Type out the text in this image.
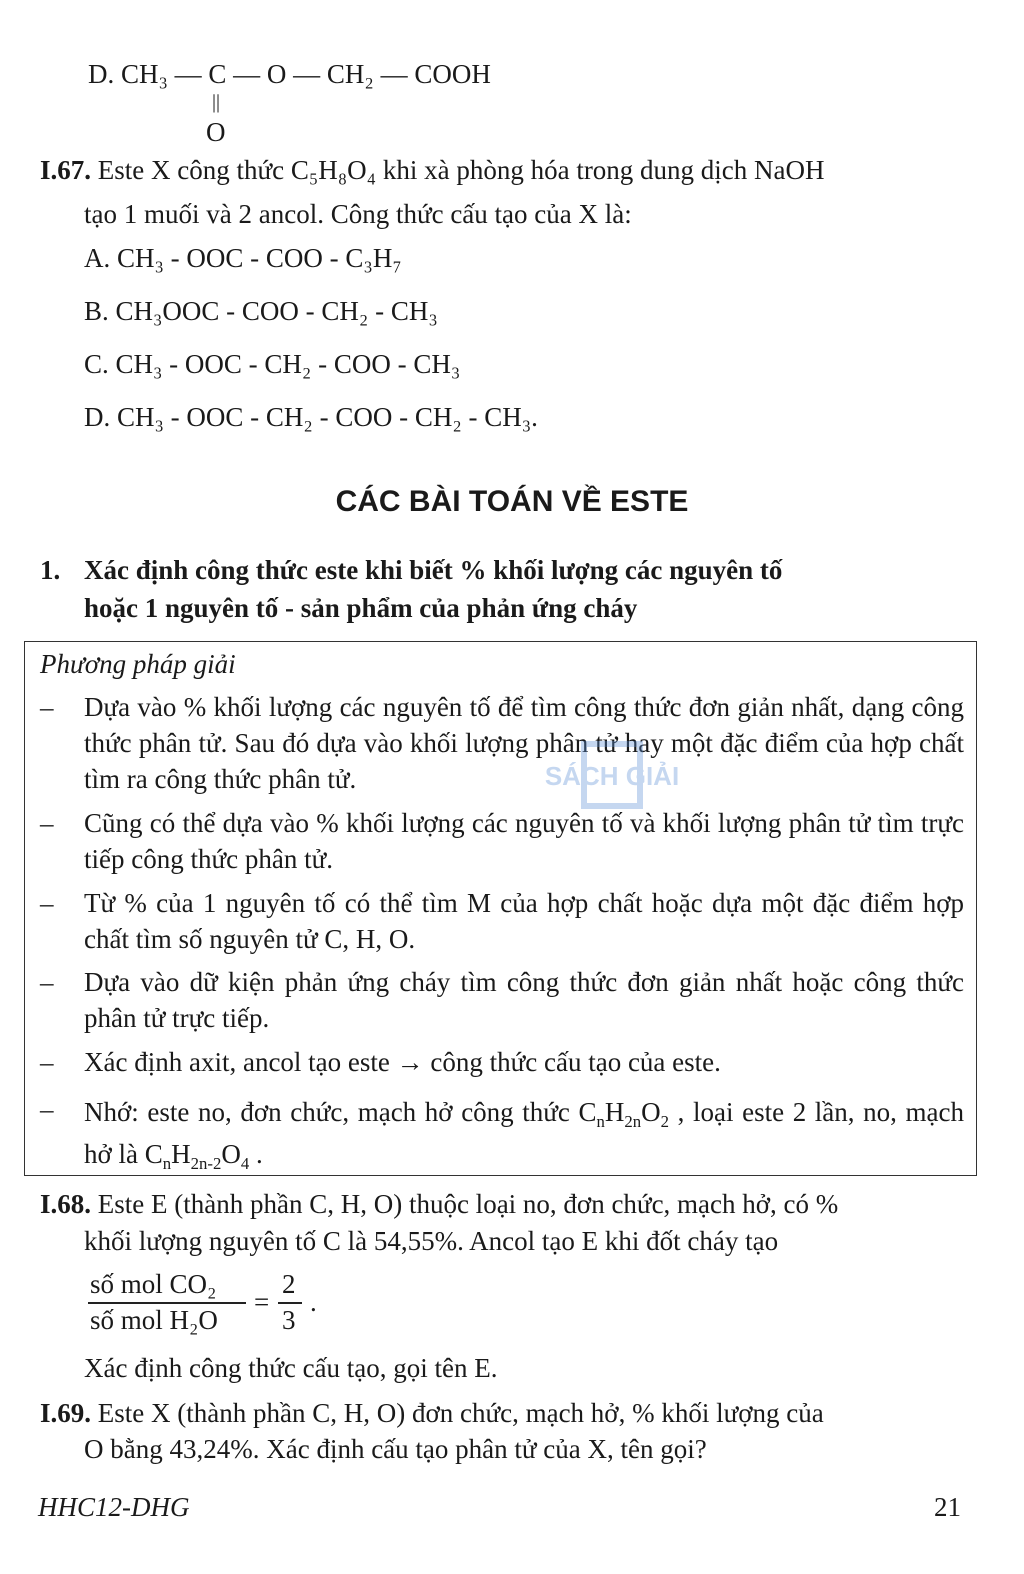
D. CH₃ — C — O — CH₂ — COOH
||
O
I.67. Este X công thức C₅H₈O₄ khi xà phòng hóa trong dung dịch NaOH
tạo 1 muối và 2 ancol. Công thức cấu tạo của X là:
A. CH₃ - OOC - COO - C₃H₇
B. CH₃OOC - COO - CH₂ - CH₃
C. CH₃ - OOC - CH₂ - COO - CH₃
D. CH₃ - OOC - CH₂ - COO - CH₂ - CH₃.
CÁC BÀI TOÁN VỀ ESTE
1. Xác định công thức este khi biết % khối lượng các nguyên tố
hoặc 1 nguyên tố - sản phẩm của phản ứng cháy
Phương pháp giải
– Dựa vào % khối lượng các nguyên tố để tìm công thức đơn giản nhất, dạng công thức phân tử. Sau đó dựa vào khối lượng phân tử hay một đặc điểm của hợp chất tìm ra công thức phân tử.
– Cũng có thể dựa vào % khối lượng các nguyên tố và khối lượng phân tử tìm trực tiếp công thức phân tử.
– Từ % của 1 nguyên tố có thể tìm M của hợp chất hoặc dựa một đặc điểm hợp chất tìm số nguyên tử C, H, O.
– Dựa vào dữ kiện phản ứng cháy tìm công thức đơn giản nhất hoặc công thức phân tử trực tiếp.
– Xác định axit, ancol tạo este → công thức cấu tạo của este.
– Nhớ: este no, đơn chức, mạch hở công thức $C_nH_{2n}O_2$ , loại este 2 lần, no, mạch hở là $C_nH_{2n-2}O_4$ .
SÁCH GIẢI
I.68. Este E (thành phần C, H, O) thuộc loại no, đơn chức, mạch hở, có %
khối lượng nguyên tố C là 54,55%. Ancol tạo E khi đốt cháy tạo
số mol CO₂
số mol H₂O
=
2
3
.
Xác định công thức cấu tạo, gọi tên E.
I.69. Este X (thành phần C, H, O) đơn chức, mạch hở, % khối lượng của
O bằng 43,24%. Xác định cấu tạo phân tử của X, tên gọi?
HHC12-DHG	21
